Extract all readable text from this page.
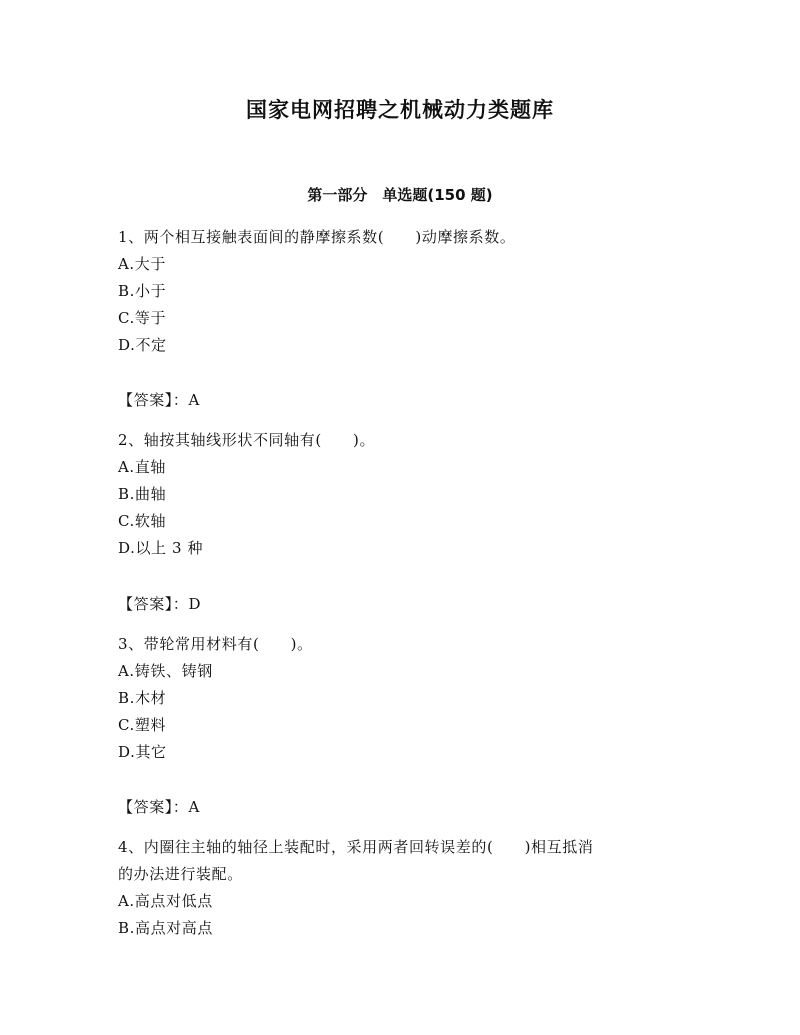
国家电网招聘之机械动力类题库
第一部分　单选题(150 题)
1、两个相互接触表面间的静摩擦系数(　　)动摩擦系数。
A.大于
B.小于
C.等于
D.不定
【答案】：A
2、轴按其轴线形状不同轴有(　　)。
A.直轴
B.曲轴
C.软轴
D.以上 3 种
【答案】：D
3、带轮常用材料有(　　)。
A.铸铁、铸钢
B.木材
C.塑料
D.其它
【答案】：A
4、内圈往主轴的轴径上装配时，采用两者回转误差的(　　)相互抵消
的办法进行装配。
A.高点对低点
B.高点对高点
